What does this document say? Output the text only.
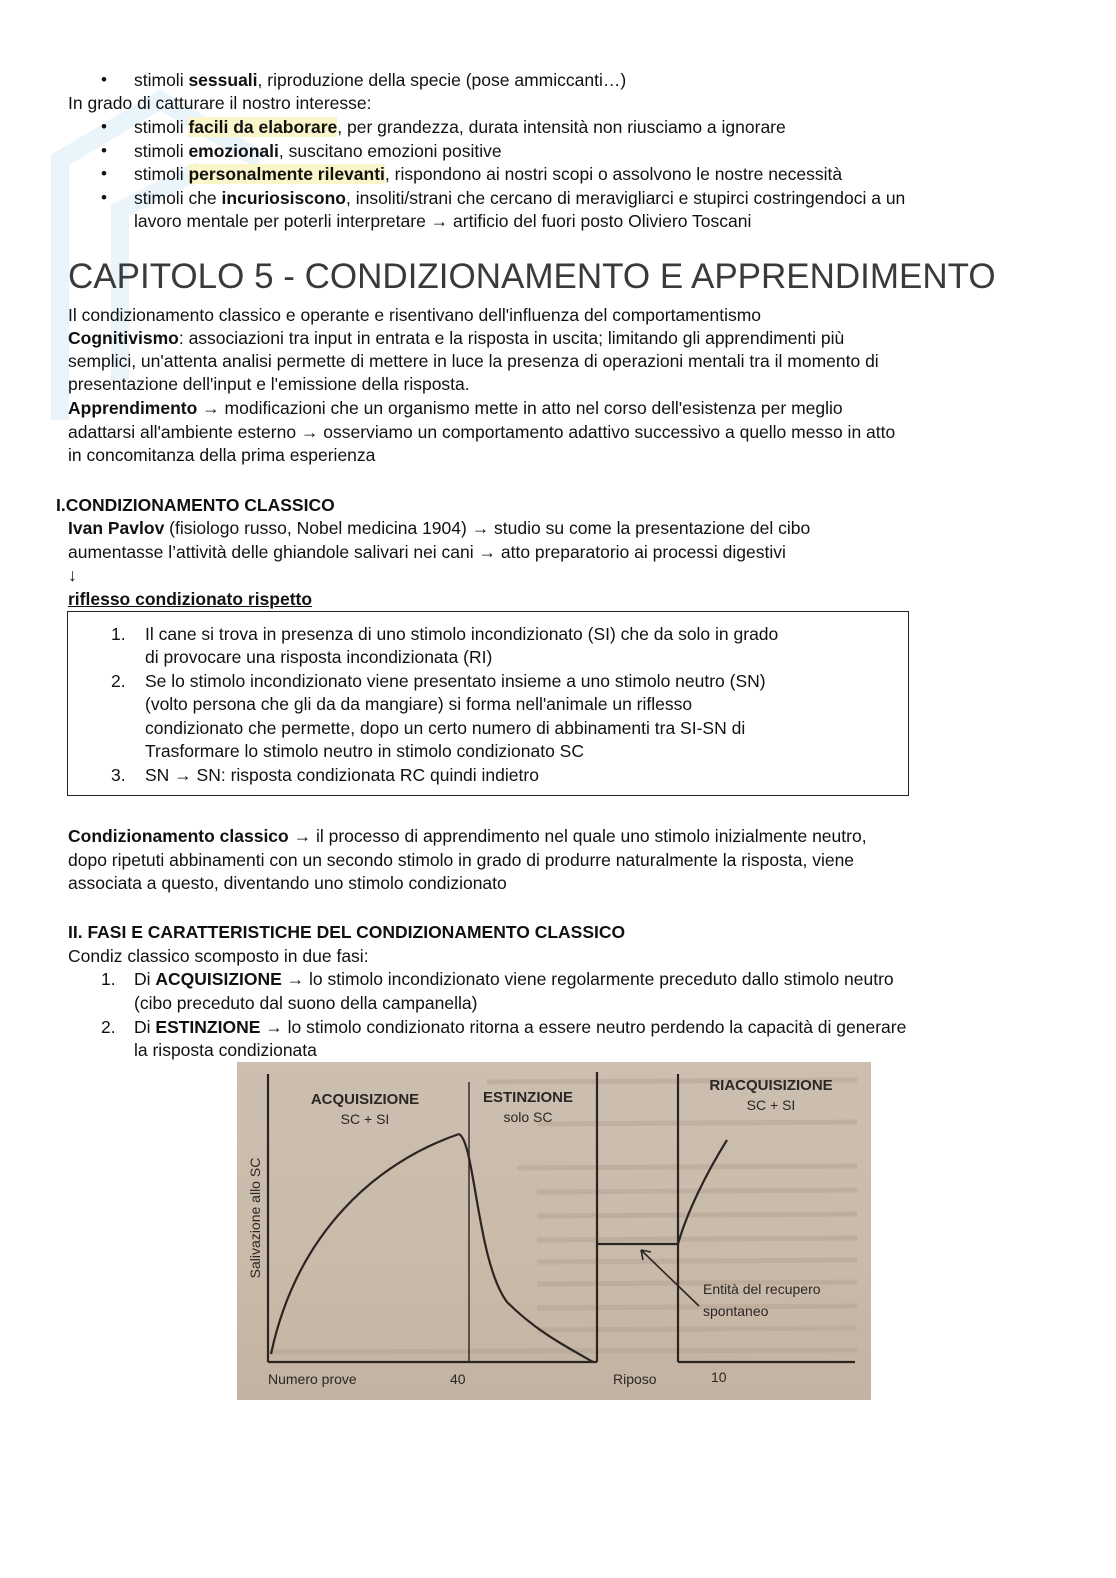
• stimoli sessuali, riproduzione della specie (pose ammiccanti…)
In grado di catturare il nostro interesse:
• stimoli facili da elaborare, per grandezza, durata intensità non riusciamo a ignorare
• stimoli emozionali, suscitano emozioni positive
• stimoli personalmente rilevanti, rispondono ai nostri scopi o assolvono le nostre necessità
• stimoli che incuriosiscono, insoliti/strani che cercano di meravigliarci e stupirci costringendoci a un
lavoro mentale per poterli interpretare → artificio del fuori posto Oliviero Toscani
CAPITOLO 5 - CONDIZIONAMENTO E APPRENDIMENTO
Il condizionamento classico e operante e risentivano dell'influenza del comportamentismo
Cognitivismo: associazioni tra input in entrata e la risposta in uscita; limitando gli apprendimenti più
semplici, un'attenta analisi permette di mettere in luce la presenza di operazioni mentali tra il momento di
presentazione dell'input e l'emissione della risposta.
Apprendimento → modificazioni che un organismo mette in atto nel corso dell'esistenza per meglio
adattarsi all'ambiente esterno → osserviamo un comportamento adattivo successivo a quello messo in atto
in concomitanza della prima esperienza
I.CONDIZIONAMENTO CLASSICO
Ivan Pavlov (fisiologo russo, Nobel medicina 1904) → studio su come la presentazione del cibo
aumentasse l’attività delle ghiandole salivari nei cani → atto preparatorio ai processi digestivi
↓
riflesso condizionato rispetto
1. Il cane si trova in presenza di uno stimolo incondizionato (SI) che da solo in grado
di provocare una risposta incondizionata (RI)
2. Se lo stimolo incondizionato viene presentato insieme a uno stimolo neutro (SN)
(volto persona che gli da da mangiare) si forma nell'animale un riflesso
condizionato che permette, dopo un certo numero di abbinamenti tra SI-SN di
Trasformare lo stimolo neutro in stimolo condizionato SC
3. SN → SN: risposta condizionata RC quindi indietro
Condizionamento classico → il processo di apprendimento nel quale uno stimolo inizialmente neutro,
dopo ripetuti abbinamenti con un secondo stimolo in grado di produrre naturalmente la risposta, viene
associata a questo, diventando uno stimolo condizionato
II. FASI E CARATTERISTICHE DEL CONDIZIONAMENTO CLASSICO
Condiz classico scomposto in due fasi:
1. Di ACQUISIZIONE → lo stimolo incondizionato viene regolarmente preceduto dallo stimolo neutro
(cibo preceduto dal suono della campanella)
2. Di ESTINZIONE → lo stimolo condizionato ritorna a essere neutro perdendo la capacità di generare
la risposta condizionata
Salivazione allo SC
ACQUISIZIONE
SC + SI
ESTINZIONE
solo SC
RIACQUISIZIONE
SC + SI
Entità del recupero
spontaneo
Numero prove	40	Riposo	10
